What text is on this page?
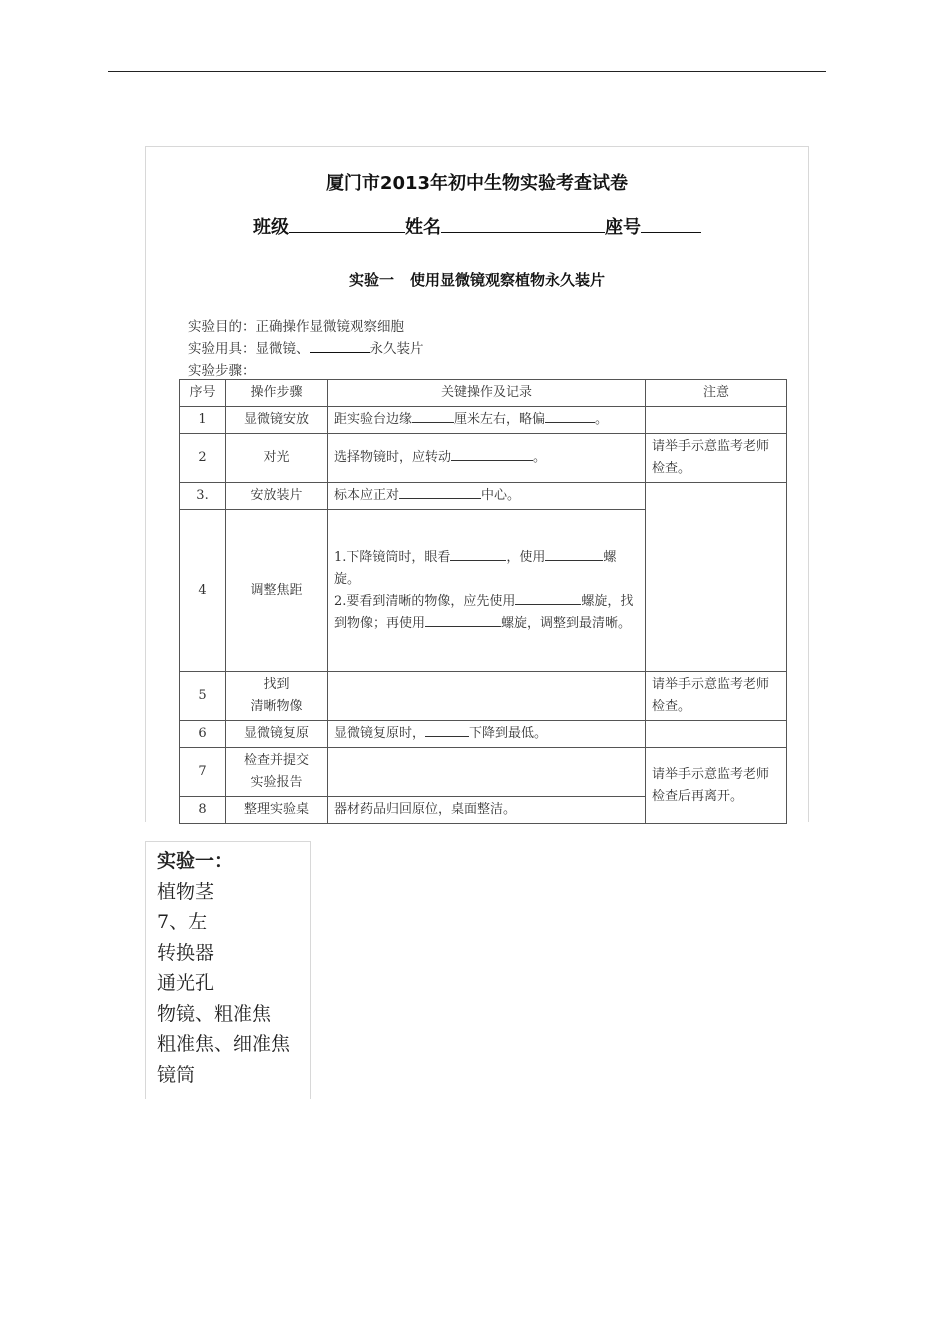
厦门市2013年初中生物实验考查试卷
班级	姓名	座号
实验一 使用显微镜观察植物永久装片
实验目的：正确操作显微镜观察细胞
实验用具：显微镜、	永久装片
实验步骤：
序号	操作步骤	关键操作及记录	注意
1	显微镜安放	距实验台边缘 厘米左右，略偏 。	
2	对光	选择物镜时，应转动 。	请举手示意监考老师检查。
3.	安放装片	标本应正对 中心。	
4	调整焦距	1.下降镜筒时，眼看 ，使用 螺旋。
2.要看到清晰的物像，应先使用 螺旋，找到物像；再使用 螺旋，调整到最清晰。	

5	找到
清晰物像		请举手示意监考老师检查。
6	显微镜复原	显微镜复原时， 下降到最低。	
7	检查并提交
实验报告		请举手示意监考老师检查后再离开。
8	整理实验桌	器材药品归回原位，桌面整洁。	
实验一：
植物茎
7、左
转换器
通光孔
物镜、粗准焦
粗准焦、细准焦
镜筒
